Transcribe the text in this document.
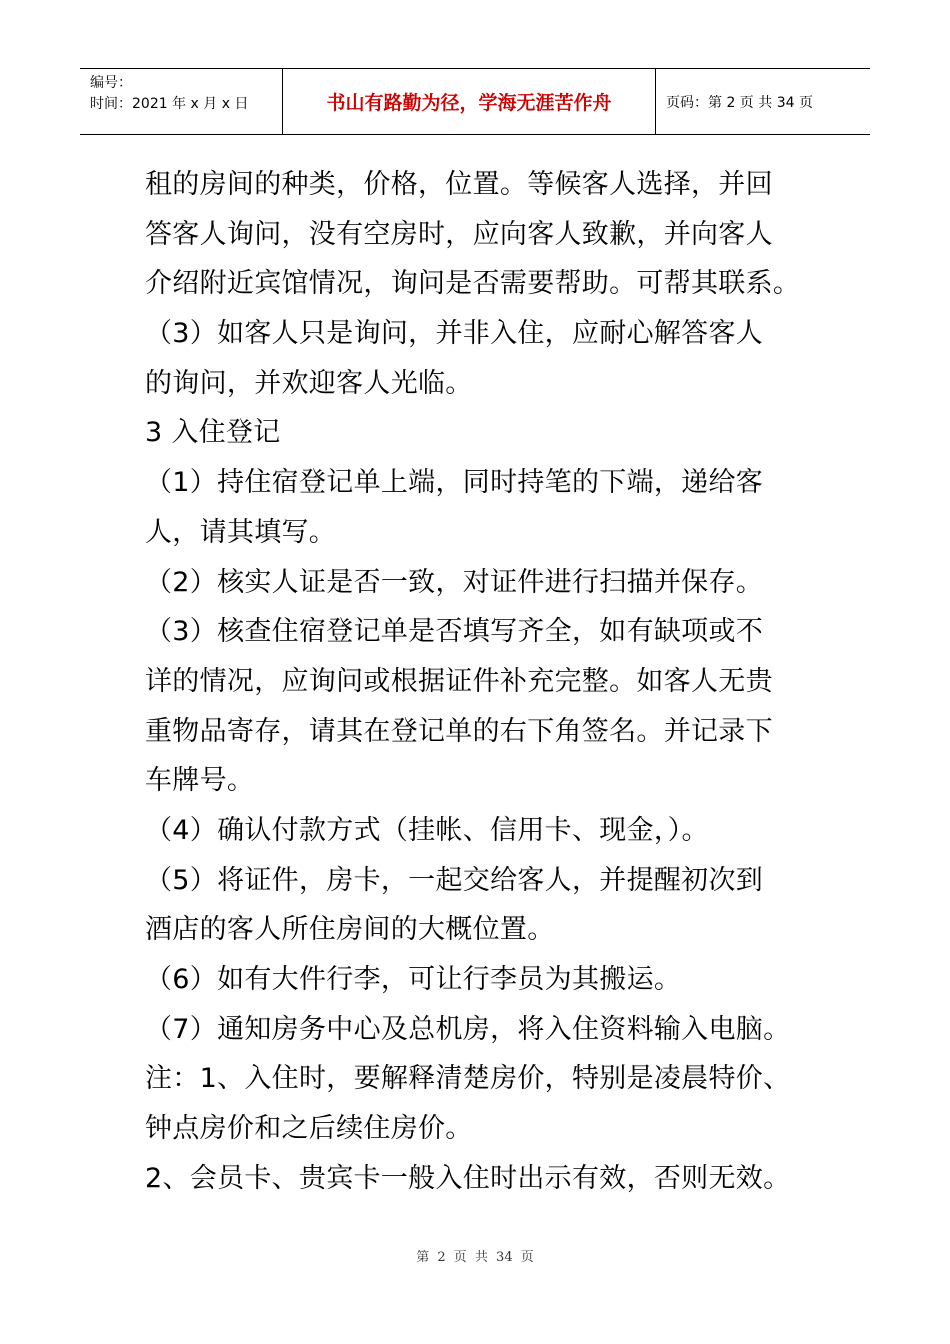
编号：
时间：2021 年 x 月 x 日	书山有路勤为径，学海无涯苦作舟	页码：第 2 页 共 34 页
租的房间的种类，价格，位置。等候客人选择，并回
答客人询问，没有空房时，应向客人致歉，并向客人
介绍附近宾馆情况，询问是否需要帮助。可帮其联系。
（3）如客人只是询问，并非入住，应耐心解答客人
的询问，并欢迎客人光临。
3 入住登记
（1）持住宿登记单上端，同时持笔的下端，递给客
人，请其填写。
（2）核实人证是否一致，对证件进行扫描并保存。
（3）核查住宿登记单是否填写齐全，如有缺项或不
详的情况，应询问或根据证件补充完整。如客人无贵
重物品寄存，请其在登记单的右下角签名。并记录下
车牌号。
（4）确认付款方式（挂帐、信用卡、现金，）。
（5）将证件，房卡，一起交给客人，并提醒初次到
酒店的客人所住房间的大概位置。
（6）如有大件行李，可让行李员为其搬运。
（7）通知房务中心及总机房，将入住资料输入电脑。
注：1、入住时，要解释清楚房价，特别是凌晨特价、
钟点房价和之后续住房价。
2、会员卡、贵宾卡一般入住时出示有效，否则无效。
第 2 页 共 34 页
